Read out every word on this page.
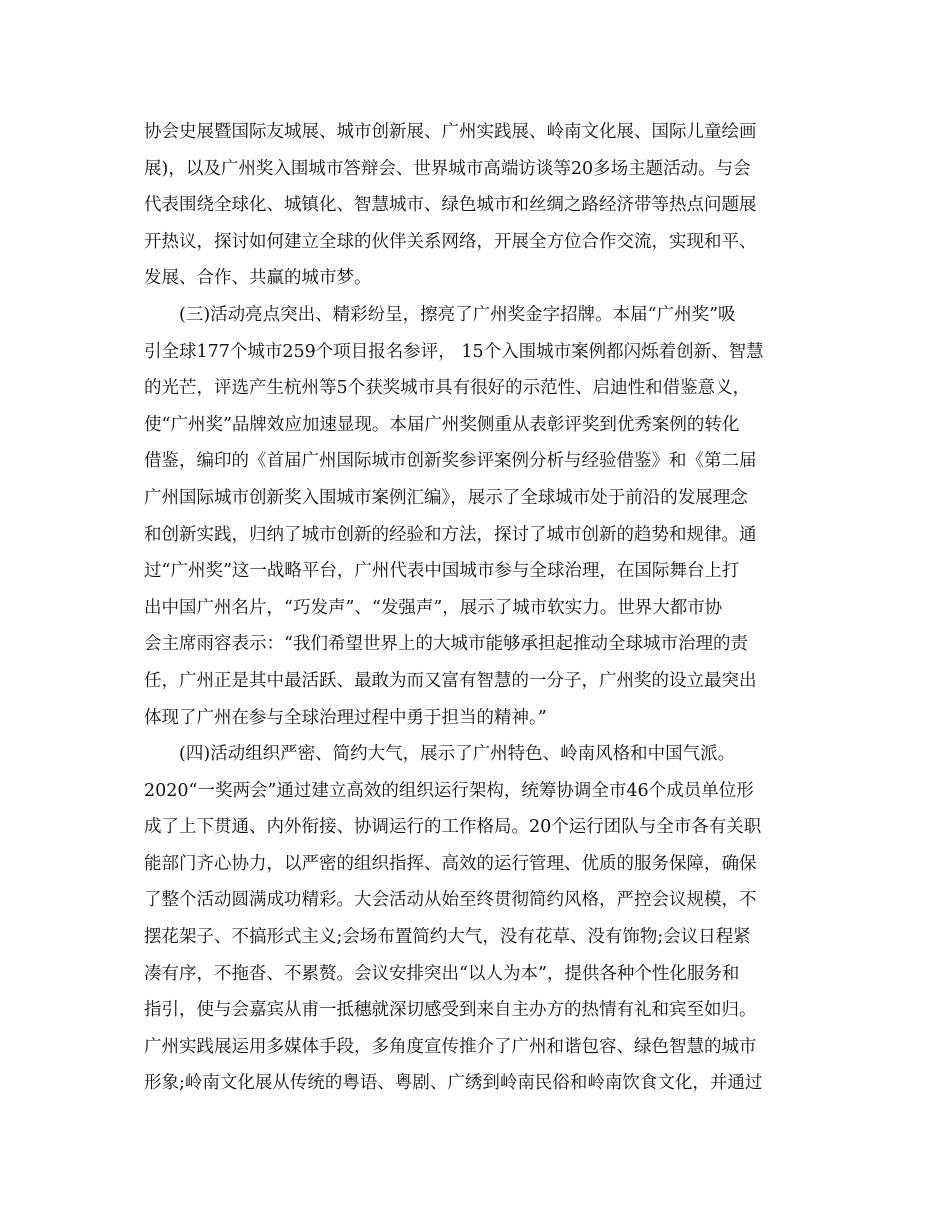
协会史展暨国际友城展、城市创新展、广州实践展、岭南文化展、国际儿童绘画
展)，以及广州奖入围城市答辩会、世界城市高端访谈等20多场主题活动。与会
代表围绕全球化、城镇化、智慧城市、绿色城市和丝绸之路经济带等热点问题展
开热议，探讨如何建立全球的伙伴关系网络，开展全方位合作交流，实现和平、
发展、合作、共赢的城市梦。
(三)活动亮点突出、精彩纷呈，擦亮了广州奖金字招牌。本届“广州奖”吸
引全球177个城市259个项目报名参评， 15个入围城市案例都闪烁着创新、智慧
的光芒，评选产生杭州等5个获奖城市具有很好的示范性、启迪性和借鉴意义，
使“广州奖”品牌效应加速显现。本届广州奖侧重从表彰评奖到优秀案例的转化
借鉴，编印的《首届广州国际城市创新奖参评案例分析与经验借鉴》和《第二届
广州国际城市创新奖入围城市案例汇编》，展示了全球城市处于前沿的发展理念
和创新实践，归纳了城市创新的经验和方法，探讨了城市创新的趋势和规律。通
过“广州奖”这一战略平台，广州代表中国城市参与全球治理，在国际舞台上打
出中国广州名片，“巧发声”、“发强声”，展示了城市软实力。世界大都市协
会主席雨容表示：“我们希望世界上的大城市能够承担起推动全球城市治理的责
任，广州正是其中最活跃、最敢为而又富有智慧的一分子，广州奖的设立最突出
体现了广州在参与全球治理过程中勇于担当的精神。”
(四)活动组织严密、简约大气，展示了广州特色、岭南风格和中国气派。
2020“一奖两会”通过建立高效的组织运行架构，统筹协调全市46个成员单位形
成了上下贯通、内外衔接、协调运行的工作格局。20个运行团队与全市各有关职
能部门齐心协力，以严密的组织指挥、高效的运行管理、优质的服务保障，确保
了整个活动圆满成功精彩。大会活动从始至终贯彻简约风格，严控会议规模，不
摆花架子、不搞形式主义;会场布置简约大气，没有花草、没有饰物;会议日程紧
凑有序，不拖沓、不累赘。会议安排突出“以人为本”，提供各种个性化服务和
指引，使与会嘉宾从甫一抵穗就深切感受到来自主办方的热情有礼和宾至如归。
广州实践展运用多媒体手段，多角度宣传推介了广州和谐包容、绿色智慧的城市
形象;岭南文化展从传统的粤语、粤剧、广绣到岭南民俗和岭南饮食文化，并通过
